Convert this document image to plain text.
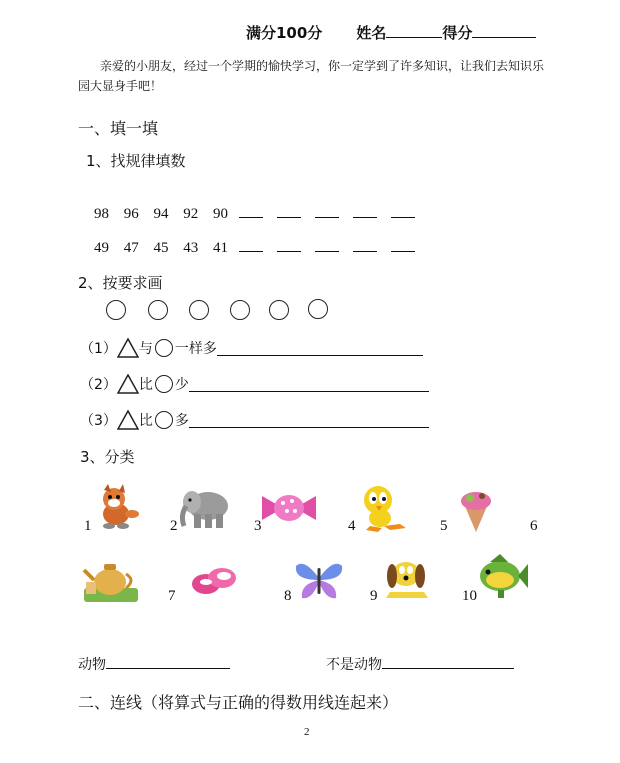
满分100分 姓名	得分
亲爱的小朋友，经过一个学期的愉快学习，你一定学到了许多知识，让我们去知识乐园大显身手吧！
一、填一填
1、找规律填数
98 96 94 92 90
49 47 45 43 41
2、按要求画
（1） 与 一样多
（2） 比 少
（3） 比 多
3、分类
1	2	3	4	5	6
7	8	9	10
动物	不是动物
二、连线（将算式与正确的得数用线连起来）
2
